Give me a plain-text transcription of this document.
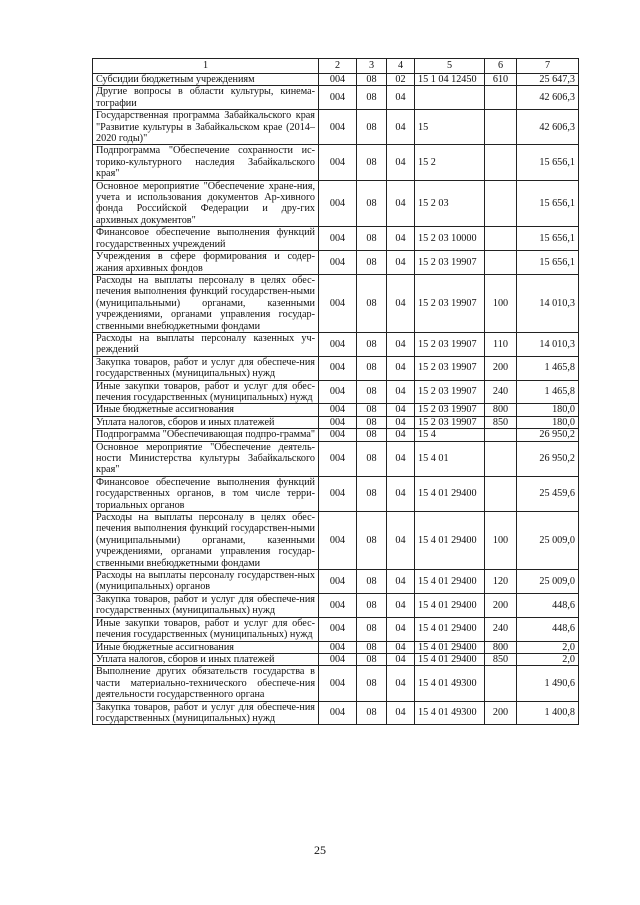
1	2	3	4	5	6	7
Субсидии бюджетным учреждениям	004	08	02	15 1 04 12450	610	25 647,3
Другие вопросы в области культуры, кинема-тографии	004	08	04			42 606,3
Государственная программа Забайкальского края "Развитие культуры в Забайкальском крае (2014–2020 годы)"	004	08	04	15		42 606,3
Подпрограмма "Обеспечение сохранности ис-торико-культурного наследия Забайкальского края"	004	08	04	15 2		15 656,1
Основное мероприятие "Обеспечение хране-ния, учета и использования документов Ар-хивного фонда Российской Федерации и дру-гих архивных документов"	004	08	04	15 2 03		15 656,1
Финансовое обеспечение выполнения функций государственных учреждений	004	08	04	15 2 03 10000		15 656,1
Учреждения в сфере формирования и содер-жания архивных фондов	004	08	04	15 2 03 19907		15 656,1
Расходы на выплаты персоналу в целях обес-печения выполнения функций государствен-ными (муниципальными) органами, казенными учреждениями, органами управления государ-ственными внебюджетными фондами	004	08	04	15 2 03 19907	100	14 010,3
Расходы на выплаты персоналу казенных уч-реждений	004	08	04	15 2 03 19907	110	14 010,3
Закупка товаров, работ и услуг для обеспече-ния государственных (муниципальных) нужд	004	08	04	15 2 03 19907	200	1 465,8
Иные закупки товаров, работ и услуг для обес-печения государственных (муниципальных) нужд	004	08	04	15 2 03 19907	240	1 465,8
Иные бюджетные ассигнования	004	08	04	15 2 03 19907	800	180,0
Уплата налогов, сборов и иных платежей	004	08	04	15 2 03 19907	850	180,0
Подпрограмма "Обеспечивающая подпро-грамма"	004	08	04	15 4		26 950,2
Основное мероприятие "Обеспечение деятель-ности Министерства культуры Забайкальского края"	004	08	04	15 4 01		26 950,2
Финансовое обеспечение выполнения функций государственных органов, в том числе терри-ториальных органов	004	08	04	15 4 01 29400		25 459,6
Расходы на выплаты персоналу в целях обес-печения выполнения функций государствен-ными (муниципальными) органами, казенными учреждениями, органами управления государ-ственными внебюджетными фондами	004	08	04	15 4 01 29400	100	25 009,0
Расходы на выплаты персоналу государствен-ных (муниципальных) органов	004	08	04	15 4 01 29400	120	25 009,0
Закупка товаров, работ и услуг для обеспече-ния государственных (муниципальных) нужд	004	08	04	15 4 01 29400	200	448,6
Иные закупки товаров, работ и услуг для обес-печения государственных (муниципальных) нужд	004	08	04	15 4 01 29400	240	448,6
Иные бюджетные ассигнования	004	08	04	15 4 01 29400	800	2,0
Уплата налогов, сборов и иных платежей	004	08	04	15 4 01 29400	850	2,0
Выполнение других обязательств государства в части материально-технического обеспече-ния деятельности государственного органа	004	08	04	15 4 01 49300		1 490,6
Закупка товаров, работ и услуг для обеспече-ния государственных (муниципальных) нужд	004	08	04	15 4 01 49300	200	1 400,8
25
